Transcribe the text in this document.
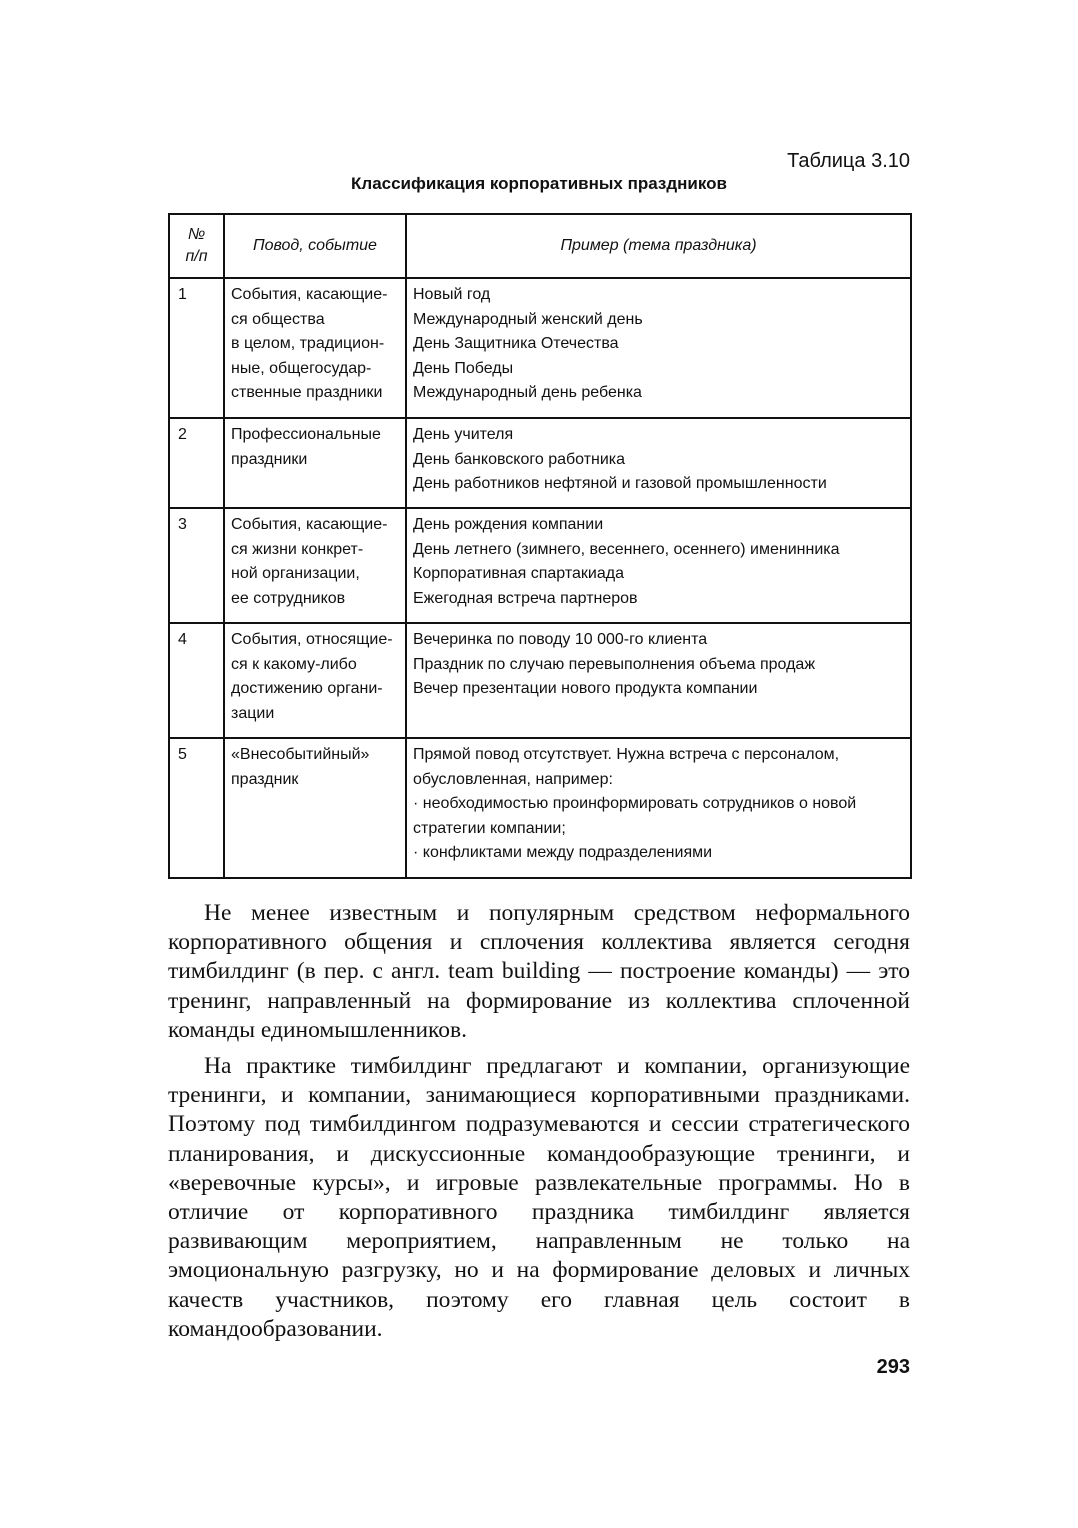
Таблица 3.10
Классификация корпоративных праздников
№
п/п	Повод, событие	Пример (тема праздника)
1	События, касающие-
ся общества
в целом, традицион-
ные, общегосудар-
ственные праздники	Новый год
Международный женский день
День Защитника Отечества
День Победы
Международный день ребенка

2	Профессиональные
праздники	День учителя
День банковского работника
День работников нефтяной и газовой промышленности

3	События, касающие-
ся жизни конкрет-
ной организации,
ее сотрудников	День рождения компании
День летнего (зимнего, весеннего, осеннего) именинника
Корпоративная спартакиада
Ежегодная встреча партнеров

4	События, относящие-
ся к какому-либо
достижению органи-
зации	Вечеринка по поводу 10 000-го клиента
Праздник по случаю перевыполнения объема продаж
Вечер презентации нового продукта компании

5	«Внесобытийный»
праздник	Прямой повод отсутствует. Нужна встреча с персоналом,
обусловленная, например:
· необходимостью проинформировать сотрудников о новой
стратегии компании;
· конфликтами между подразделениями

Не менее известным и популярным средством неформального корпоративного общения и сплочения коллектива является сегодня тимбилдинг (в пер. с англ. team building — построение команды) — это тренинг, направленный на формирование из коллектива сплоченной команды единомышленников.

На практике тимбилдинг предлагают и компании, организующие тренинги, и компании, занимающиеся корпоративными праздниками. Поэтому под тимбилдингом подразумеваются и сессии стратегического планирования, и дискуссионные командообразующие тренинги, и «веревочные курсы», и игровые развлекательные программы. Но в отличие от корпоративного праздника тимбилдинг является развивающим мероприятием, направленным не только на эмоциональную разгрузку, но и на формирование деловых и личных качеств участников, поэтому его главная цель состоит в командообразовании.

293
